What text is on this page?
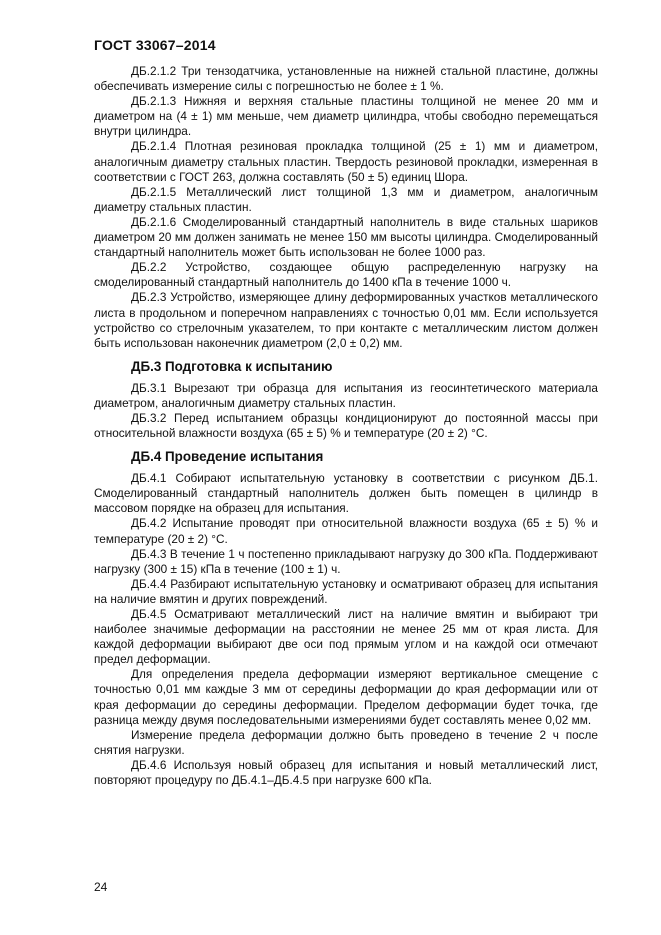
ГОСТ 33067–2014

ДБ.2.1.2 Три тензодатчика, установленные на нижней стальной пластине, должны обеспечивать измерение силы с погрешностью не более ± 1 %.

ДБ.2.1.3 Нижняя и верхняя стальные пластины толщиной не менее 20 мм и диаметром на (4 ± 1) мм меньше, чем диаметр цилиндра, чтобы свободно перемещаться внутри цилиндра.

ДБ.2.1.4 Плотная резиновая прокладка толщиной (25 ± 1) мм и диаметром, аналогичным диаметру стальных пластин. Твердость резиновой прокладки, измеренная в соответствии с ГОСТ 263, должна составлять (50 ± 5) единиц Шора.

ДБ.2.1.5 Металлический лист толщиной 1,3 мм и диаметром, аналогичным диаметру стальных пластин.

ДБ.2.1.6 Смоделированный стандартный наполнитель в виде стальных шариков диаметром 20 мм должен занимать не менее 150 мм высоты цилиндра. Смоделированный стандартный наполнитель может быть использован не более 1000 раз.

ДБ.2.2 Устройство, создающее общую распределенную нагрузку на смоделированный стандартный наполнитель до 1400 кПа в течение 1000 ч.

ДБ.2.3 Устройство, измеряющее длину деформированных участков металлического листа в продольном и поперечном направлениях с точностью 0,01 мм. Если используется устройство со стрелочным указателем, то при контакте с металлическим листом должен быть использован наконечник диаметром (2,0 ± 0,2) мм.

ДБ.3 Подготовка к испытанию

ДБ.3.1 Вырезают три образца для испытания из геосинтетического материала диаметром, аналогичным диаметру стальных пластин.

ДБ.3.2 Перед испытанием образцы кондиционируют до постоянной массы при относительной влажности воздуха (65 ± 5) % и температуре (20 ± 2) °С.

ДБ.4 Проведение испытания

ДБ.4.1 Собирают испытательную установку в соответствии с рисунком ДБ.1. Смоделированный стандартный наполнитель должен быть помещен в цилиндр в массовом порядке на образец для испытания.

ДБ.4.2 Испытание проводят при относительной влажности воздуха (65 ± 5) % и температуре (20 ± 2) °С.

ДБ.4.3 В течение 1 ч постепенно прикладывают нагрузку до 300 кПа. Поддерживают нагрузку (300 ± 15) кПа в течение (100 ± 1) ч.

ДБ.4.4 Разбирают испытательную установку и осматривают образец для испытания на наличие вмятин и других повреждений.

ДБ.4.5 Осматривают металлический лист на наличие вмятин и выбирают три наиболее значимые деформации на расстоянии не менее 25 мм от края листа. Для каждой деформации выбирают две оси под прямым углом и на каждой оси отмечают предел деформации.

Для определения предела деформации измеряют вертикальное смещение с точностью 0,01 мм каждые 3 мм от середины деформации до края деформации или от края деформации до середины деформации. Пределом деформации будет точка, где разница между двумя последовательными измерениями будет составлять менее 0,02 мм.

Измерение предела деформации должно быть проведено в течение 2 ч после снятия нагрузки.

ДБ.4.6 Используя новый образец для испытания и новый металлический лист, повторяют процедуру по ДБ.4.1–ДБ.4.5 при нагрузке 600 кПа.

24
